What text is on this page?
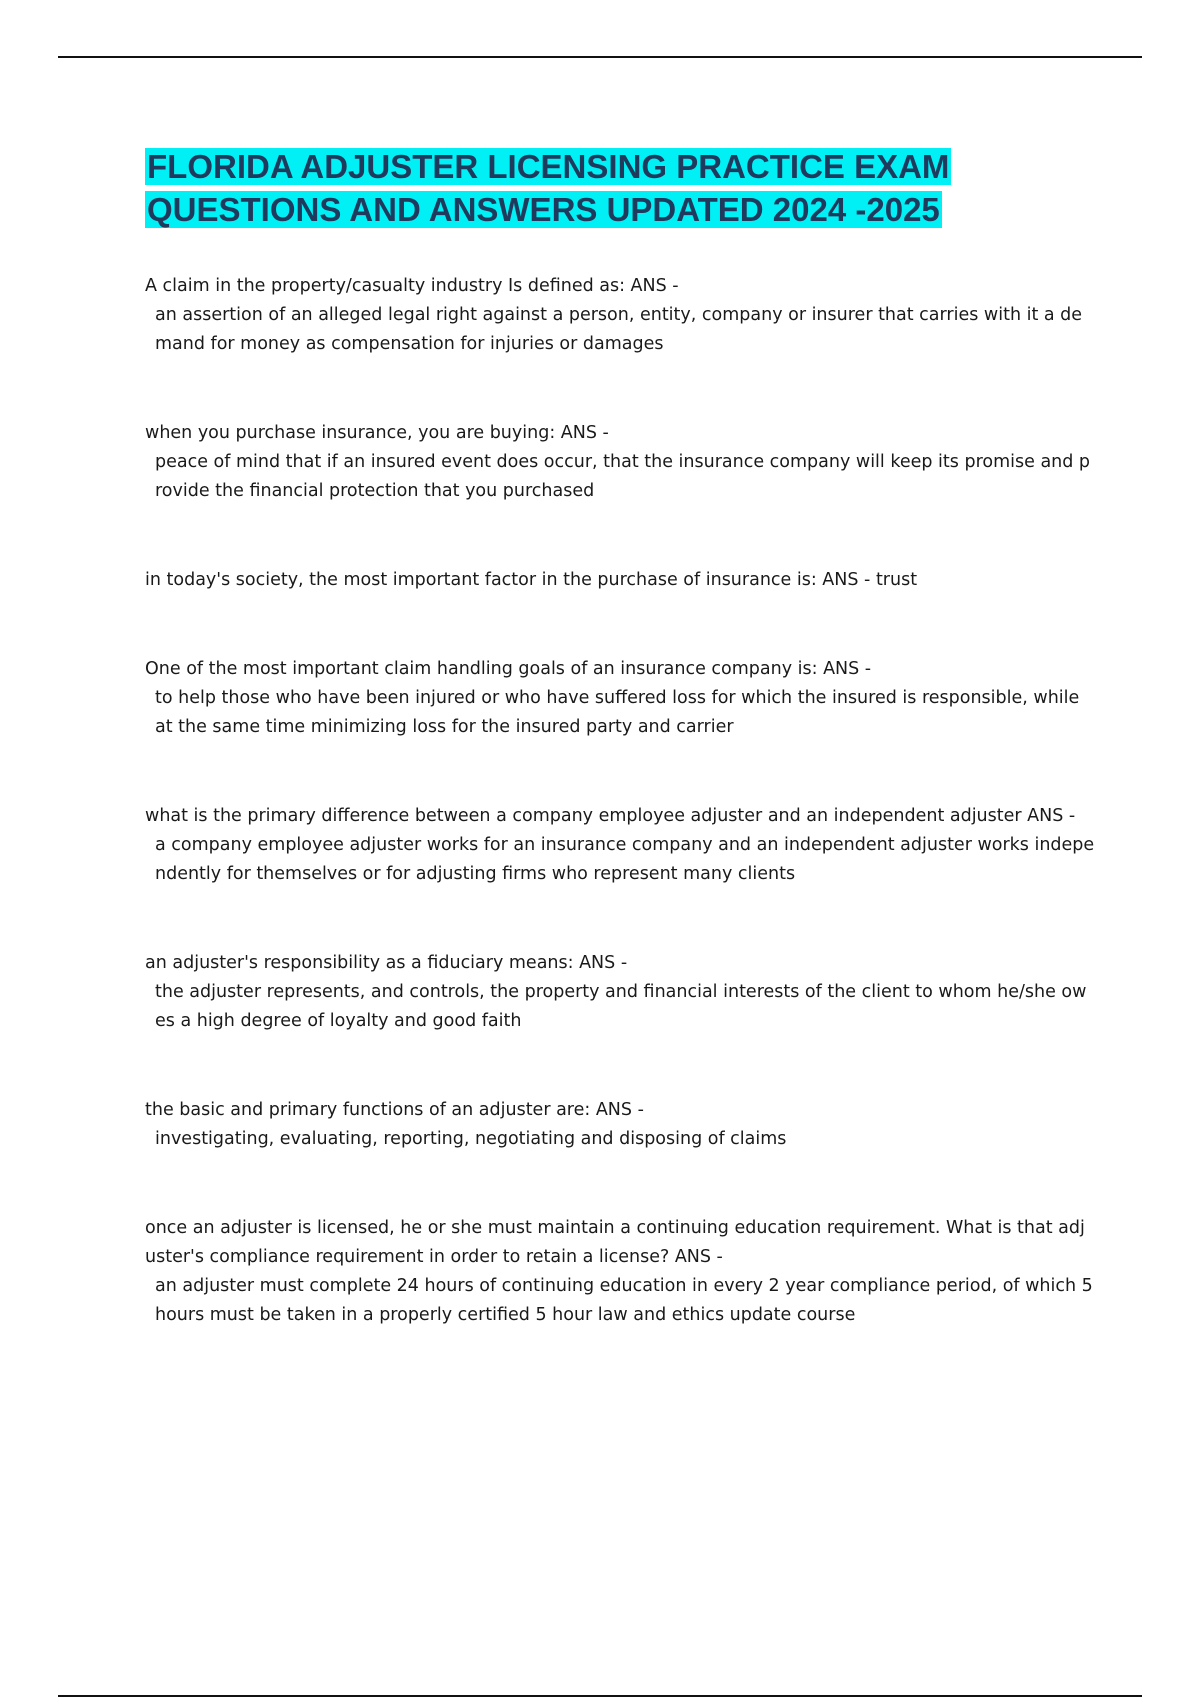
FLORIDA ADJUSTER LICENSING PRACTICE EXAM QUESTIONS AND ANSWERS UPDATED 2024 -2025
A claim in the property/casualty industry Is defined as: ANS -
an assertion of an alleged legal right against a person, entity, company or insurer that carries with it a demand for money as compensation for injuries or damages
when you purchase insurance, you are buying: ANS -
peace of mind that if an insured event does occur, that the insurance company will keep its promise and provide the financial protection that you purchased
in today's society, the most important factor in the purchase of insurance is: ANS - trust
One of the most important claim handling goals of an insurance company is: ANS -
to help those who have been injured or who have suffered loss for which the insured is responsible, while at the same time minimizing loss for the insured party and carrier
what is the primary difference between a company employee adjuster and an independent adjuster ANS -
a company employee adjuster works for an insurance company and an independent adjuster works independently for themselves or for adjusting firms who represent many clients
an adjuster's responsibility as a fiduciary means: ANS -
the adjuster represents, and controls, the property and financial interests of the client to whom he/she owes a high degree of loyalty and good faith
the basic and primary functions of an adjuster are: ANS -
investigating, evaluating, reporting, negotiating and disposing of claims
once an adjuster is licensed, he or she must maintain a continuing education requirement. What is that adjuster's compliance requirement in order to retain a license? ANS -
an adjuster must complete 24 hours of continuing education in every 2 year compliance period, of which 5 hours must be taken in a properly certified 5 hour law and ethics update course
